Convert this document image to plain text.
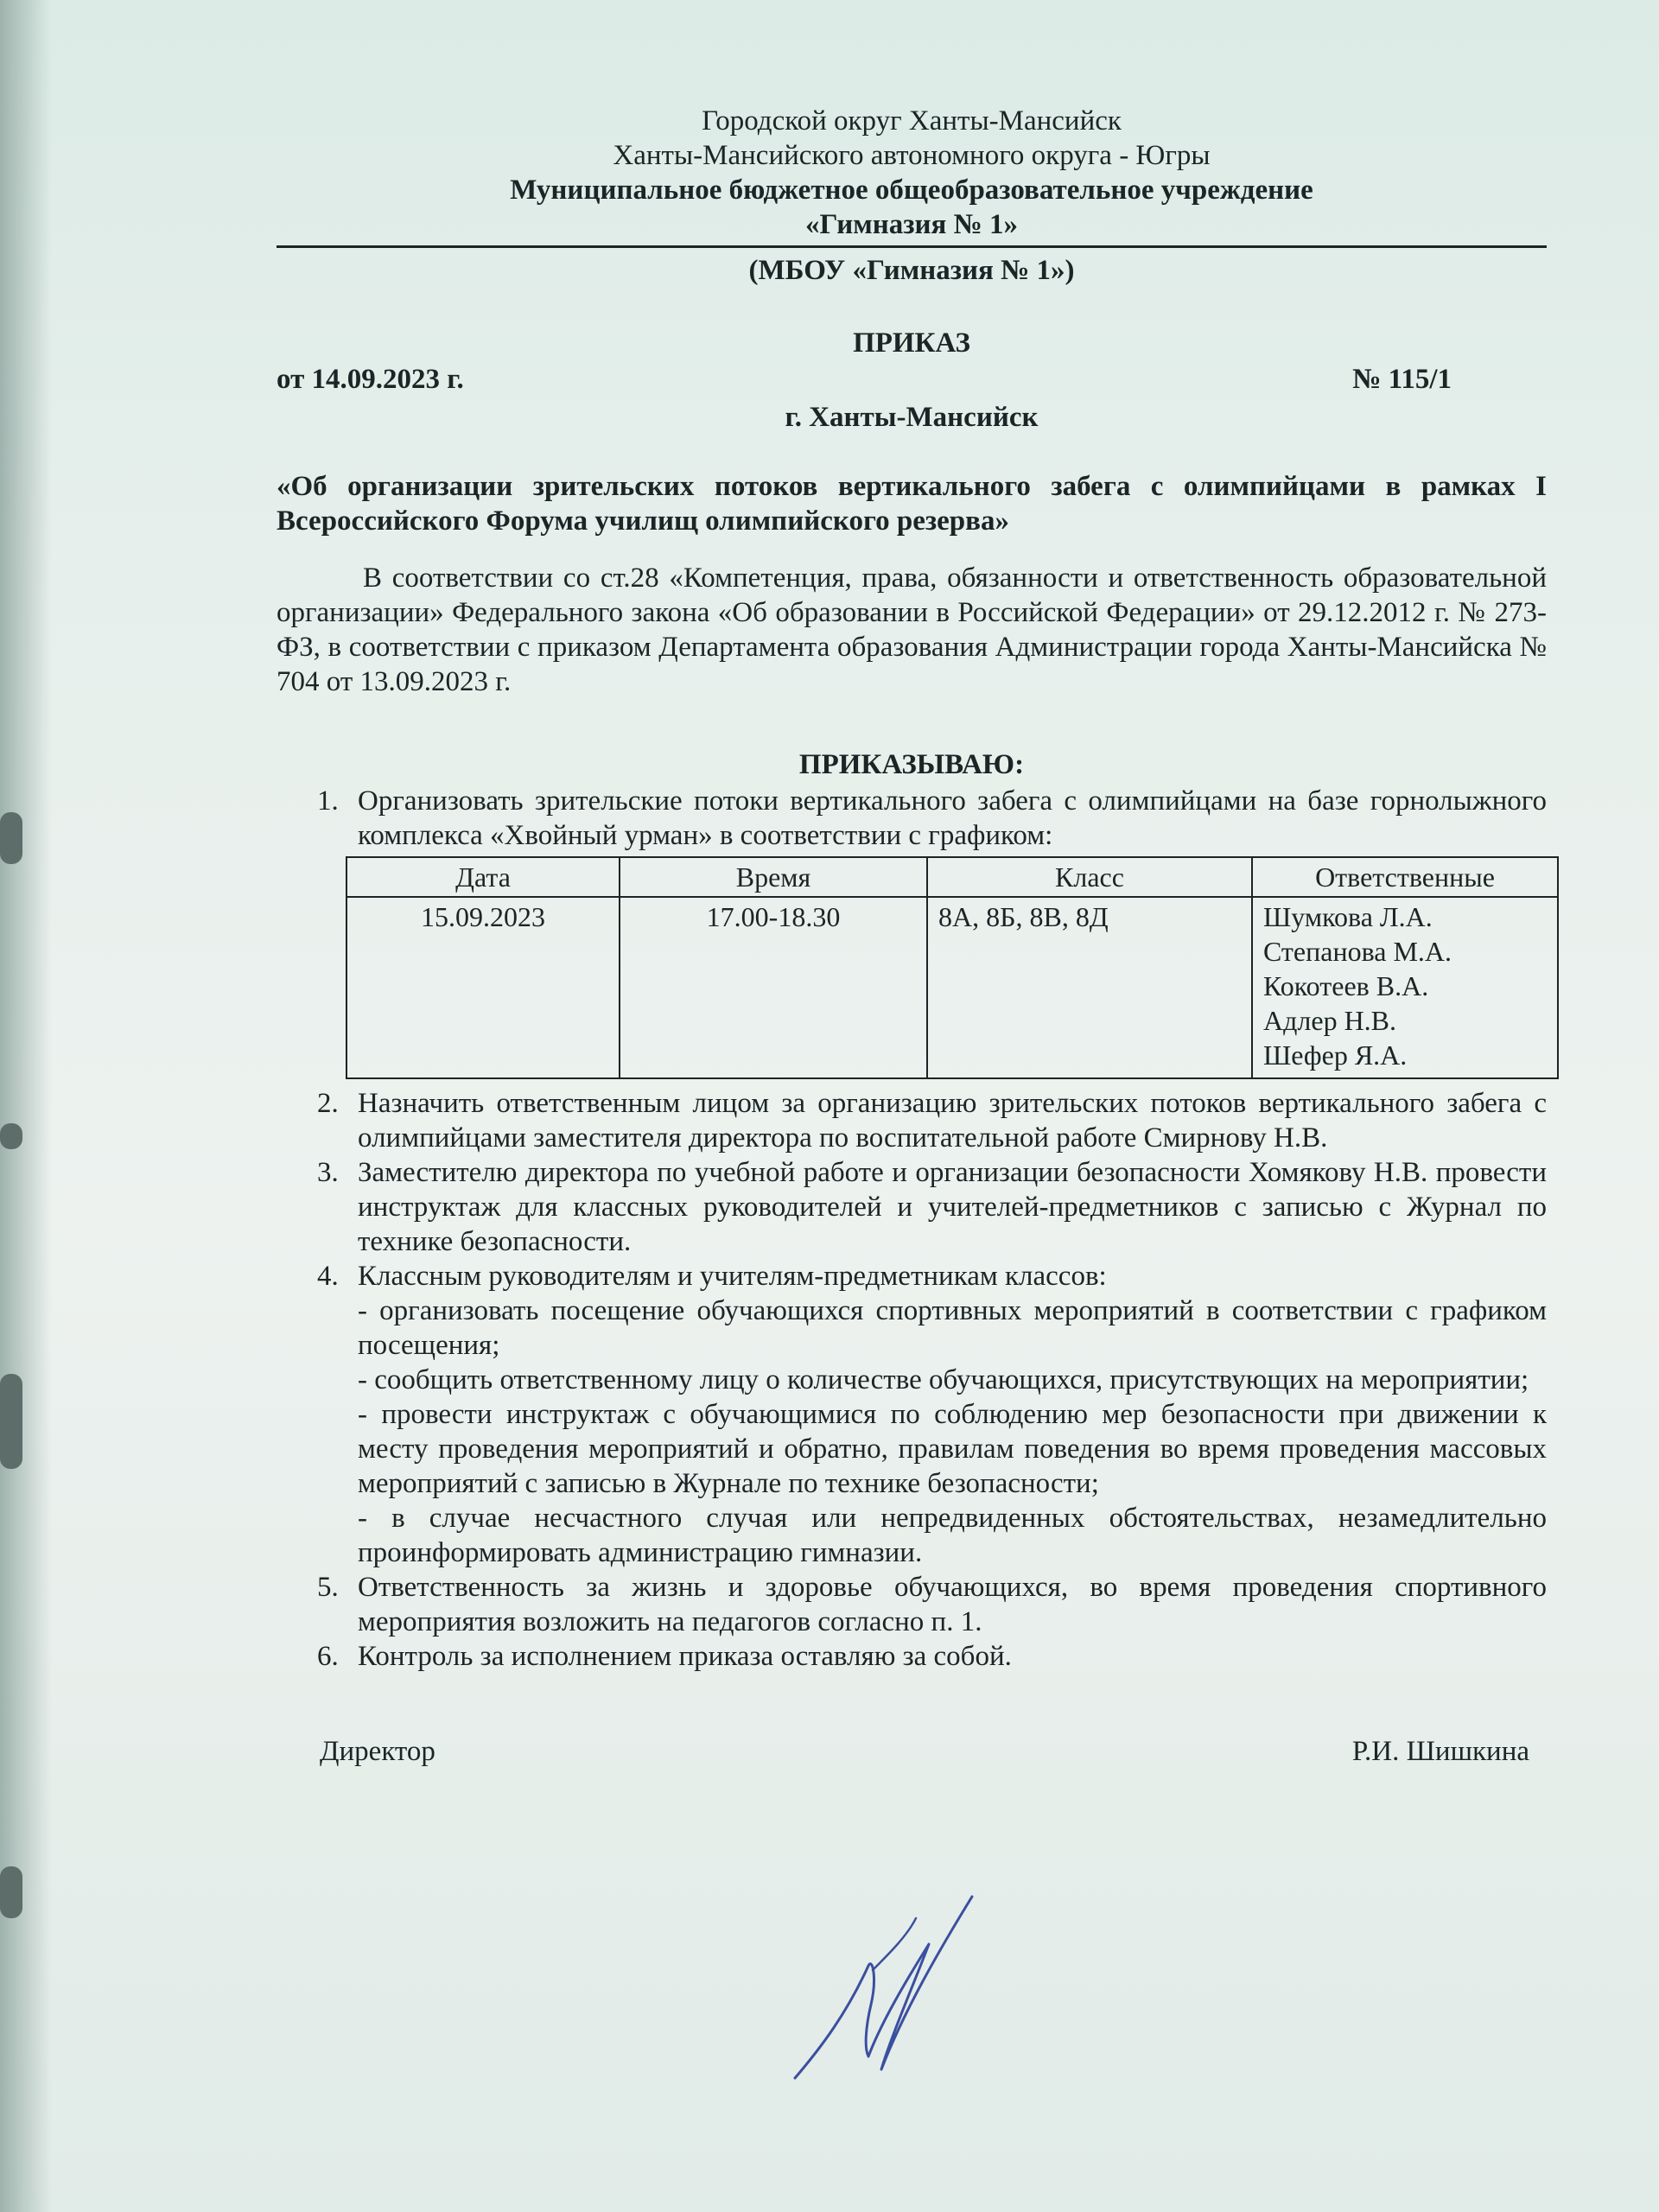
Городской округ Ханты-Мансийск
Ханты-Мансийского автономного округа - Югры
Муниципальное бюджетное общеобразовательное учреждение
«Гимназия № 1»
(МБОУ «Гимназия № 1»)
ПРИКАЗ
от 14.09.2023 г.	№ 115/1
г. Ханты-Мансийск
«Об организации зрительских потоков вертикального забега с олимпийцами в рамках I Всероссийского Форума училищ олимпийского резерва»
В соответствии со ст.28 «Компетенция, права, обязанности и ответственность образовательной организации» Федерального закона «Об образовании в Российской Федерации» от 29.12.2012 г. № 273-ФЗ, в соответствии с приказом Департамента образования Администрации города Ханты-Мансийска № 704 от 13.09.2023 г.
ПРИКАЗЫВАЮ:
1. Организовать зрительские потоки вертикального забега с олимпийцами на базе горнолыжного комплекса «Хвойный урман» в соответствии с графиком:
Дата	Время	Класс	Ответственные
15.09.2023	17.00-18.30	8А, 8Б, 8В, 8Д	Шумкова Л.А.
Степанова М.А.
Кокотеев В.А.
Адлер Н.В.
Шефер Я.А.
2. Назначить ответственным лицом за организацию зрительских потоков вертикального забега с олимпийцами заместителя директора по воспитательной работе Смирнову Н.В.
3. Заместителю директора по учебной работе и организации безопасности Хомякову Н.В. провести инструктаж для классных руководителей и учителей-предметников с записью с Журнал по технике безопасности.
4. Классным руководителям и учителям-предметникам классов:
- организовать посещение обучающихся спортивных мероприятий в соответствии с графиком посещения;
- сообщить ответственному лицу о количестве обучающихся, присутствующих на мероприятии;
- провести инструктаж с обучающимися по соблюдению мер безопасности при движении к месту проведения мероприятий и обратно, правилам поведения во время проведения массовых мероприятий с записью в Журнале по технике безопасности;
- в случае несчастного случая или непредвиденных обстоятельствах, незамедлительно проинформировать администрацию гимназии.
5. Ответственность за жизнь и здоровье обучающихся, во время проведения спортивного мероприятия возложить на педагогов согласно п. 1.
6. Контроль за исполнением приказа оставляю за собой.
Директор	Р.И. Шишкина
